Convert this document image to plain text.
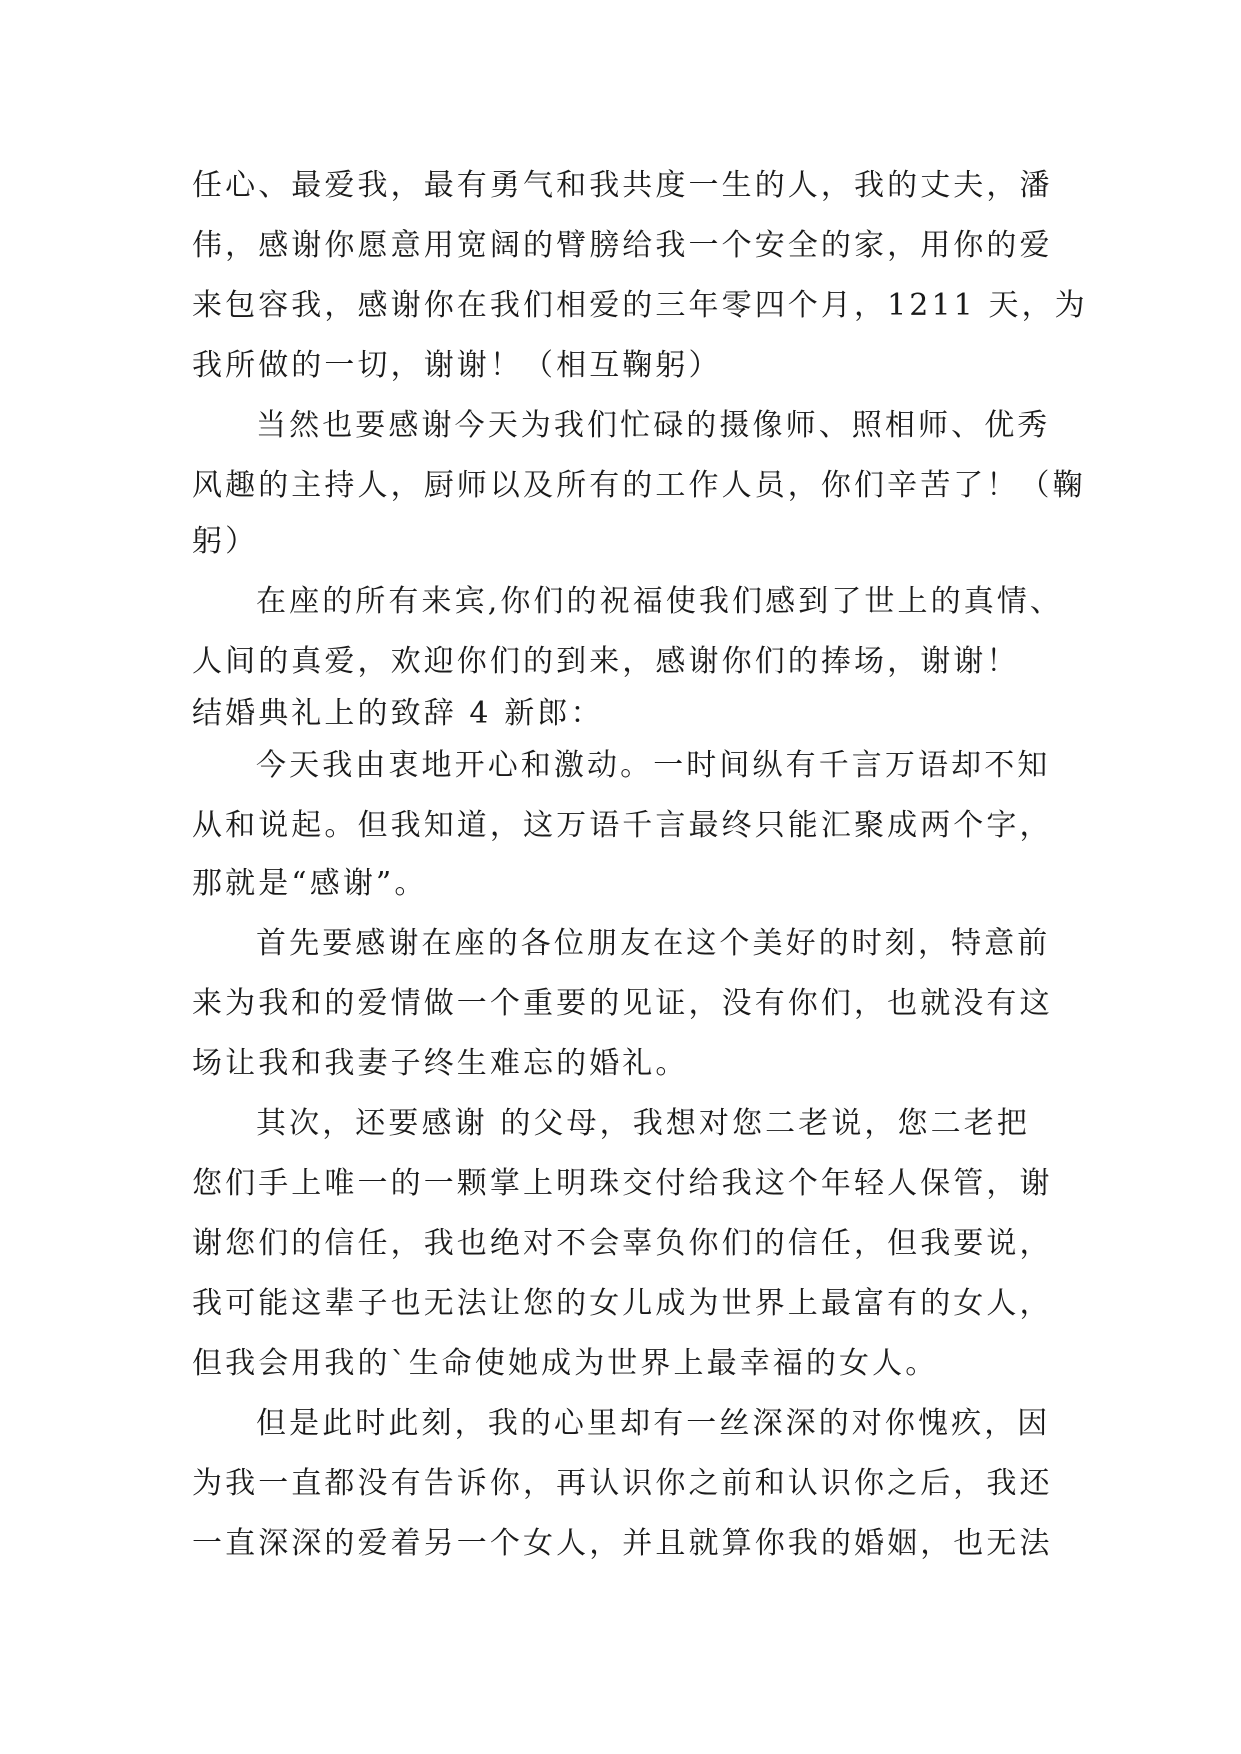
任心、最爱我，最有勇气和我共度一生的人，我的丈夫，潘
伟，感谢你愿意用宽阔的臂膀给我一个安全的家，用你的爱
来包容我，感谢你在我们相爱的三年零四个月，1211 天，为
我所做的一切，谢谢！（相互鞠躬）
当然也要感谢今天为我们忙碌的摄像师、照相师、优秀
风趣的主持人，厨师以及所有的工作人员，你们辛苦了！（鞠
躬）
在座的所有来宾,你们的祝福使我们感到了世上的真情、
人间的真爱，欢迎你们的到来，感谢你们的捧场，谢谢！
结婚典礼上的致辞 4 新郎：
今天我由衷地开心和激动。一时间纵有千言万语却不知
从和说起。但我知道，这万语千言最终只能汇聚成两个字，
那就是“感谢”。
首先要感谢在座的各位朋友在这个美好的时刻，特意前
来为我和的爱情做一个重要的见证，没有你们，也就没有这
场让我和我妻子终生难忘的婚礼。
其次，还要感谢 的父母，我想对您二老说，您二老把
您们手上唯一的一颗掌上明珠交付给我这个年轻人保管，谢
谢您们的信任，我也绝对不会辜负你们的信任，但我要说，
我可能这辈子也无法让您的女儿成为世界上最富有的女人，
但我会用我的`生命使她成为世界上最幸福的女人。
但是此时此刻，我的心里却有一丝深深的对你愧疚，因
为我一直都没有告诉你，再认识你之前和认识你之后，我还
一直深深的爱着另一个女人，并且就算你我的婚姻，也无法
